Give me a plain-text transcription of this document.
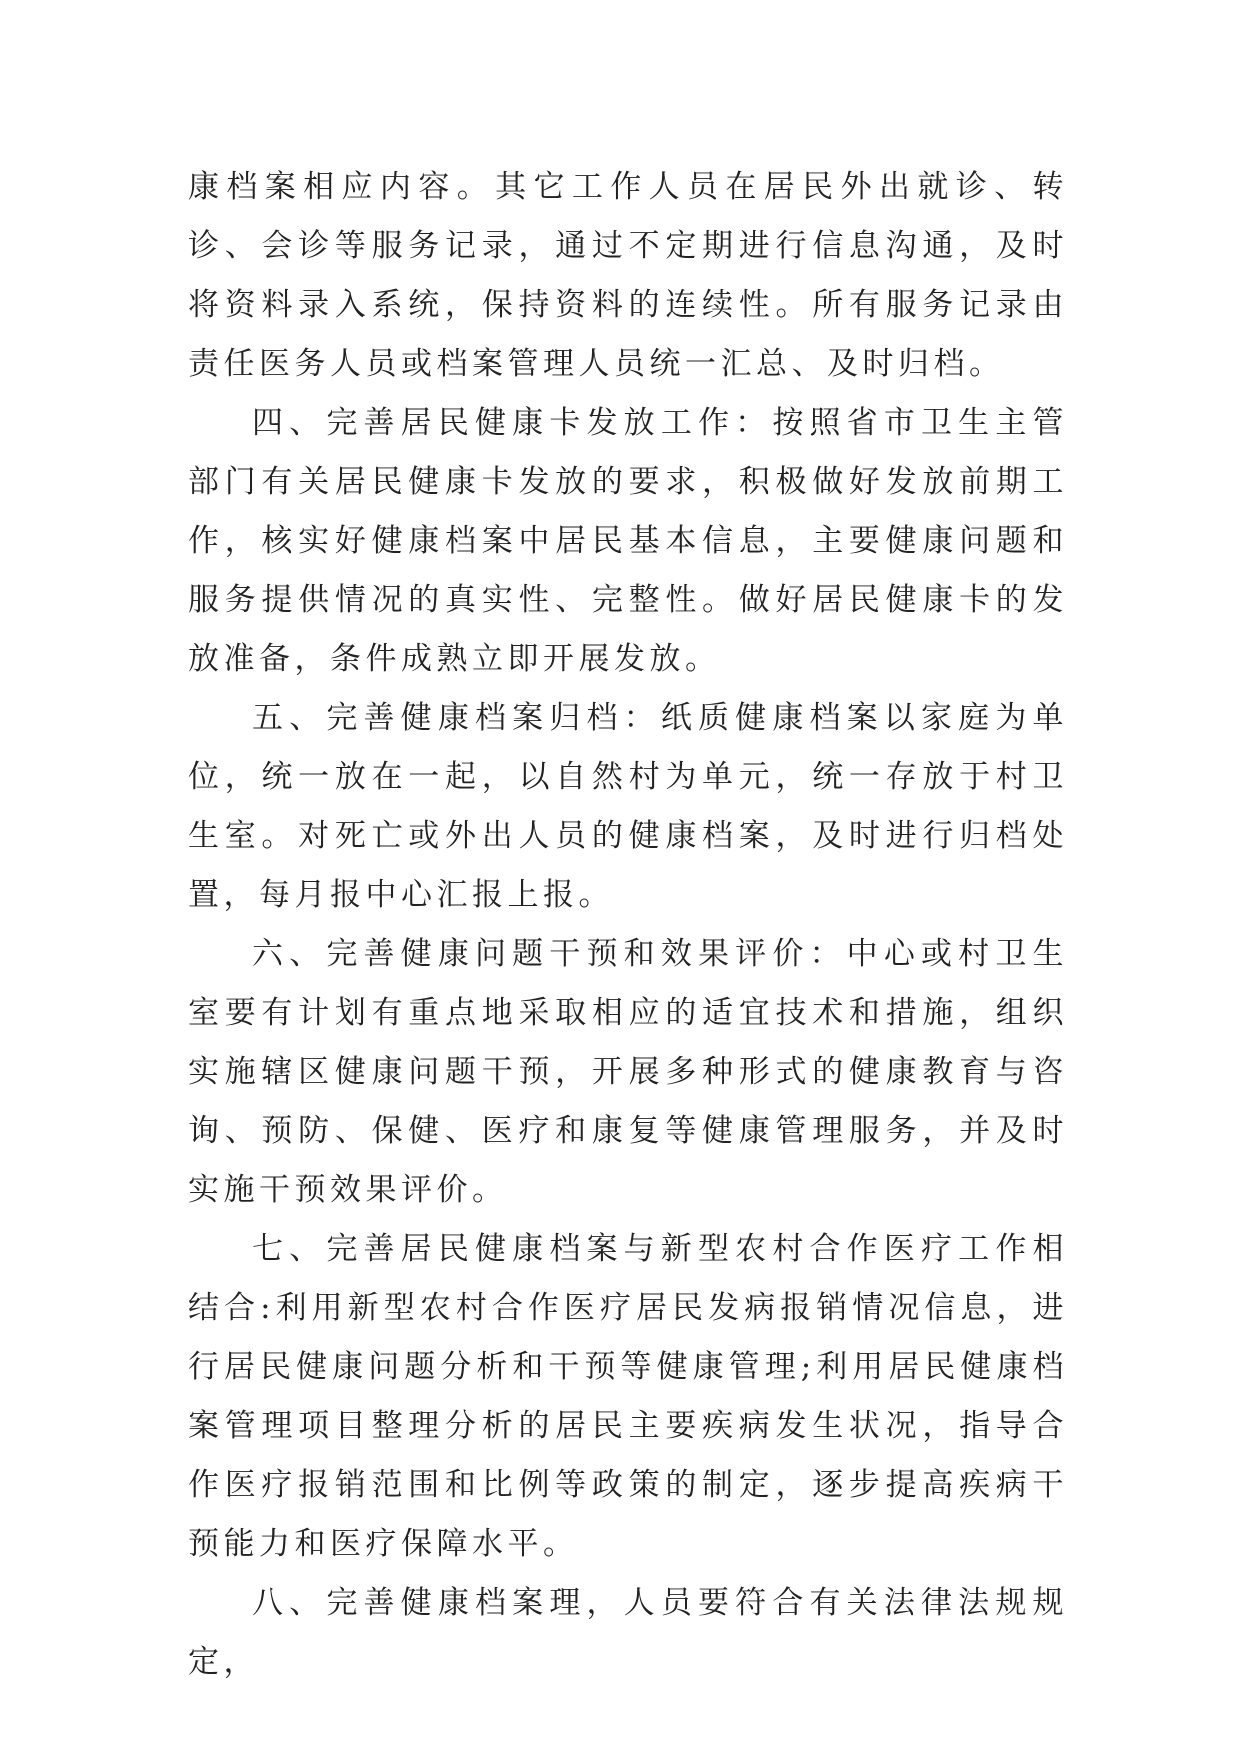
康档案相应内容。其它工作人员在居民外出就诊、转诊、会诊等服务记录，通过不定期进行信息沟通，及时将资料录入系统，保持资料的连续性。所有服务记录由责任医务人员或档案管理人员统一汇总、及时归档。

四、完善居民健康卡发放工作：按照省市卫生主管部门有关居民健康卡发放的要求，积极做好发放前期工作，核实好健康档案中居民基本信息，主要健康问题和服务提供情况的真实性、完整性。做好居民健康卡的发放准备，条件成熟立即开展发放。

五、完善健康档案归档：纸质健康档案以家庭为单位，统一放在一起，以自然村为单元，统一存放于村卫生室。对死亡或外出人员的健康档案，及时进行归档处置，每月报中心汇报上报。

六、完善健康问题干预和效果评价：中心或村卫生室要有计划有重点地采取相应的适宜技术和措施，组织实施辖区健康问题干预，开展多种形式的健康教育与咨询、预防、保健、医疗和康复等健康管理服务，并及时实施干预效果评价。

七、完善居民健康档案与新型农村合作医疗工作相结合:利用新型农村合作医疗居民发病报销情况信息，进行居民健康问题分析和干预等健康管理;利用居民健康档案管理项目整理分析的居民主要疾病发生状况，指导合作医疗报销范围和比例等政策的制定，逐步提高疾病干预能力和医疗保障水平。

八、完善健康档案理，人员要符合有关法律法规规定，
